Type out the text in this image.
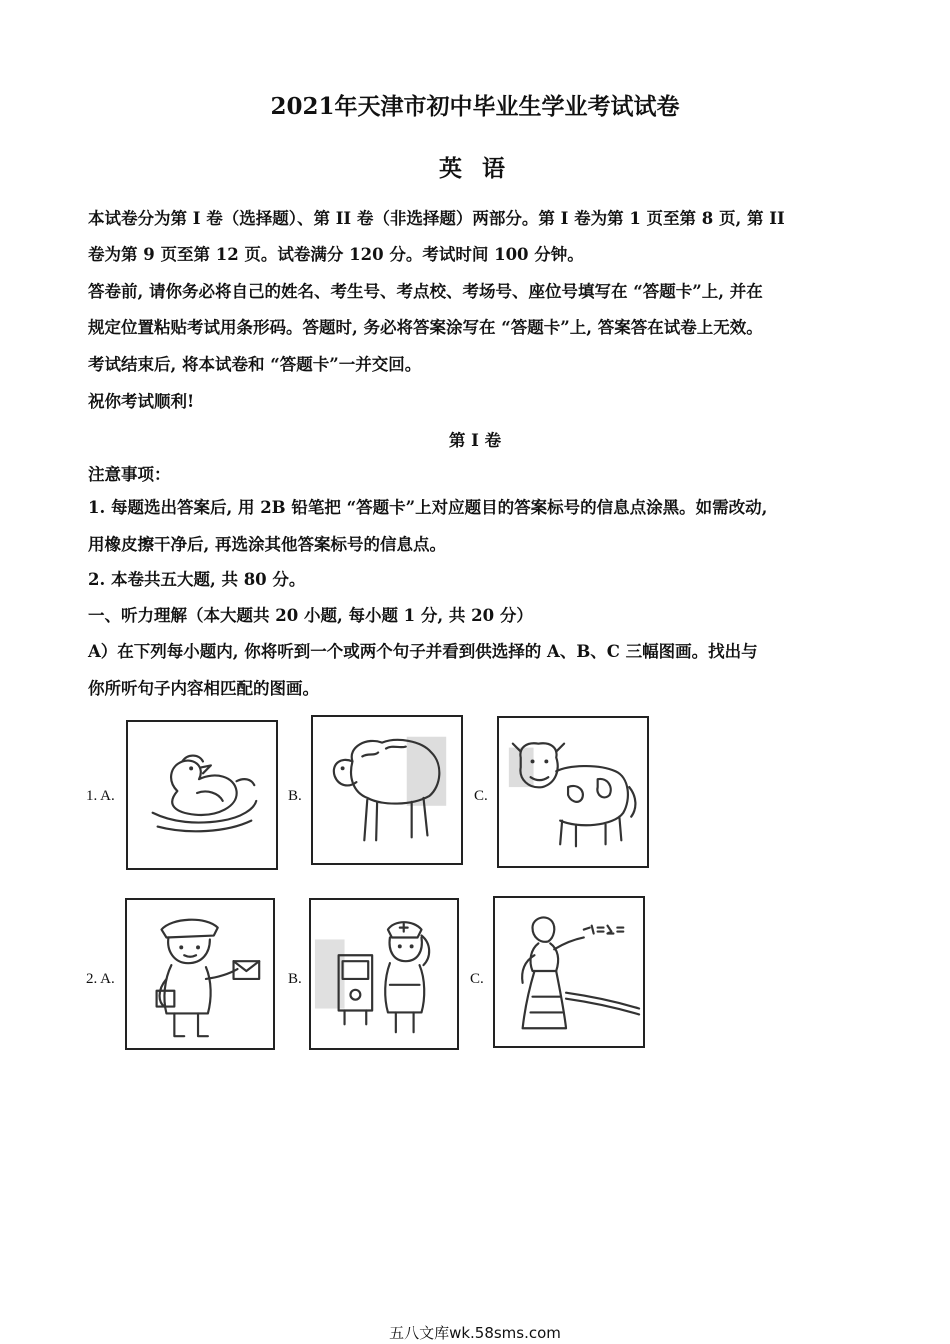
2021年天津市初中毕业生学业考试试卷
英 语
本试卷分为第 I 卷（选择题）、第 II 卷（非选择题）两部分。第 I 卷为第 1 页至第 8 页, 第 II
卷为第 9 页至第 12 页。试卷满分 120 分。考试时间 100 分钟。
答卷前, 请你务必将自己的姓名、考生号、考点校、考场号、座位号填写在 “答题卡”上, 并在
规定位置粘贴考试用条形码。答题时, 务必将答案涂写在 “答题卡”上, 答案答在试卷上无效。
考试结束后, 将本试卷和 “答题卡”一并交回。
祝你考试顺利!
第 I 卷
注意事项：
1. 每题选出答案后, 用 2B 铅笔把 “答题卡”上对应题目的答案标号的信息点涂黑。如需改动,
用橡皮擦干净后, 再选涂其他答案标号的信息点。
2. 本卷共五大题, 共 80 分。
一、听力理解（本大题共 20 小题, 每小题 1 分, 共 20 分）
A）在下列每小题内, 你将听到一个或两个句子并看到供选择的 A、B、C 三幅图画。找出与
你所听句子内容相匹配的图画。
1. A.	B.	C.
2. A.	B.	C.
五八文库wk.58sms.com
